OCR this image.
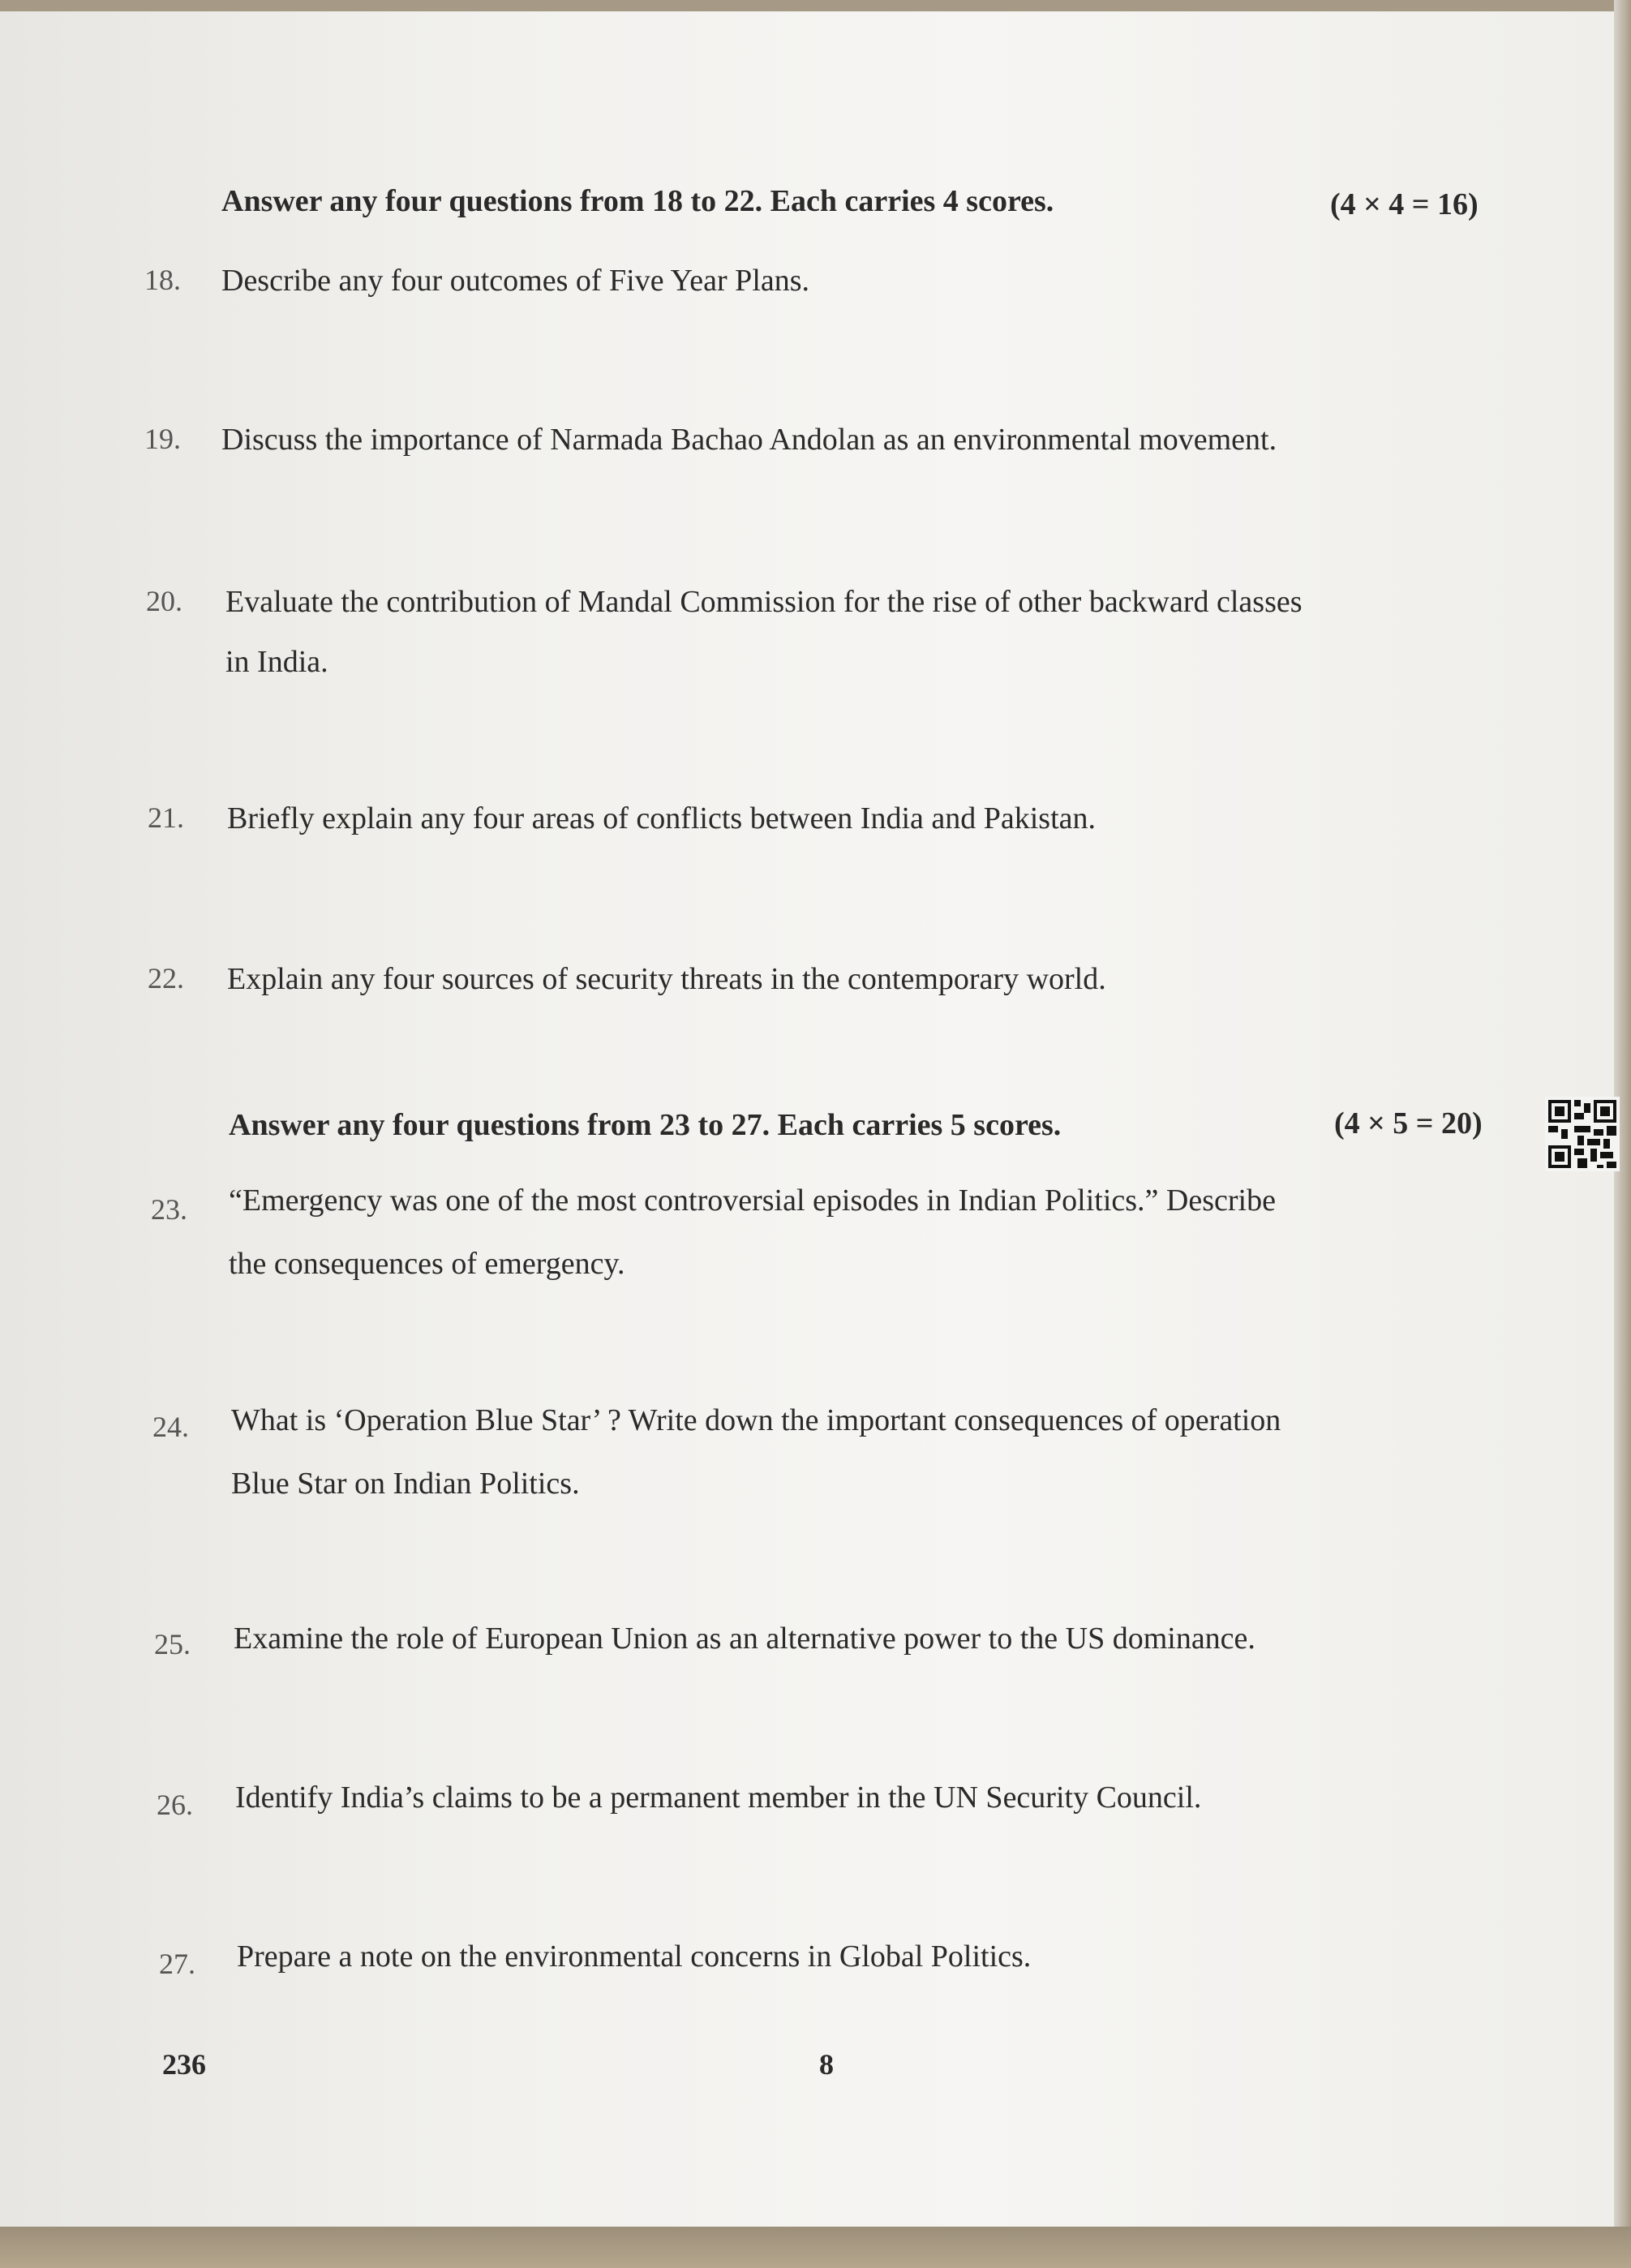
Answer any four questions from 18 to 22. Each carries 4 scores.	(4 × 4 = 16)
18. Describe any four outcomes of Five Year Plans.
19. Discuss the importance of Narmada Bachao Andolan as an environmental movement.
20. Evaluate the contribution of Mandal Commission for the rise of other backward classes
in India.
21. Briefly explain any four areas of conflicts between India and Pakistan.
22. Explain any four sources of security threats in the contemporary world.
Answer any four questions from 23 to 27. Each carries 5 scores.	(4 × 5 = 20)
23. “Emergency was one of the most controversial episodes in Indian Politics.” Describe
the consequences of emergency.
24. What is ‘Operation Blue Star’ ? Write down the important consequences of operation
Blue Star on Indian Politics.
25. Examine the role of European Union as an alternative power to the US dominance.
26. Identify India’s claims to be a permanent member in the UN Security Council.
27. Prepare a note on the environmental concerns in Global Politics.
236	8
